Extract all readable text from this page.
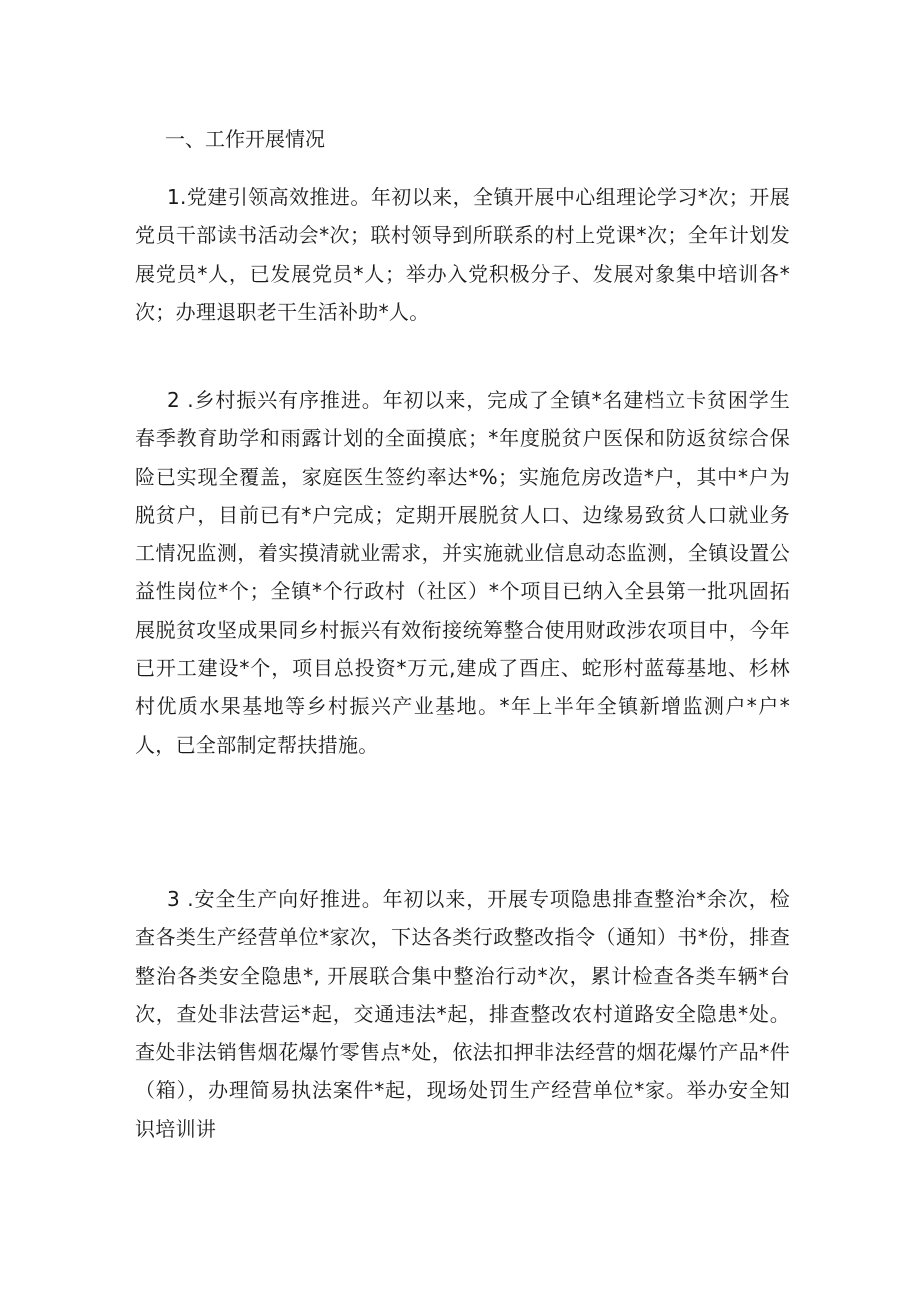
一、工作开展情况

1.党建引领高效推进。年初以来，全镇开展中心组理论学习*次；开展党员干部读书活动会*次；联村领导到所联系的村上党课*次；全年计划发展党员*人，已发展党员*人；举办入党积极分子、发展对象集中培训各*次；办理退职老干生活补助*人。

2 .乡村振兴有序推进。年初以来，完成了全镇*名建档立卡贫困学生春季教育助学和雨露计划的全面摸底；*年度脱贫户医保和防返贫综合保险已实现全覆盖，家庭医生签约率达*%；实施危房改造*户，其中*户为脱贫户，目前已有*户完成；定期开展脱贫人口、边缘易致贫人口就业务工情况监测，着实摸清就业需求，并实施就业信息动态监测，全镇设置公益性岗位*个；全镇*个行政村（社区）*个项目已纳入全县第一批巩固拓展脱贫攻坚成果同乡村振兴有效衔接统筹整合使用财政涉农项目中，今年已开工建设*个，项目总投资*万元,建成了酉庄、蛇形村蓝莓基地、杉林村优质水果基地等乡村振兴产业基地。*年上半年全镇新增监测户*户*人，已全部制定帮扶措施。

3 .安全生产向好推进。年初以来，开展专项隐患排查整治*余次，检查各类生产经营单位*家次，下达各类行政整改指令（通知）书*份，排查整治各类安全隐患*, 开展联合集中整治行动*次，累计检查各类车辆*台次，查处非法营运*起，交通违法*起，排查整改农村道路安全隐患*处。查处非法销售烟花爆竹零售点*处，依法扣押非法经营的烟花爆竹产品*件（箱），办理简易执法案件*起，现场处罚生产经营单位*家。举办安全知识培训讲
